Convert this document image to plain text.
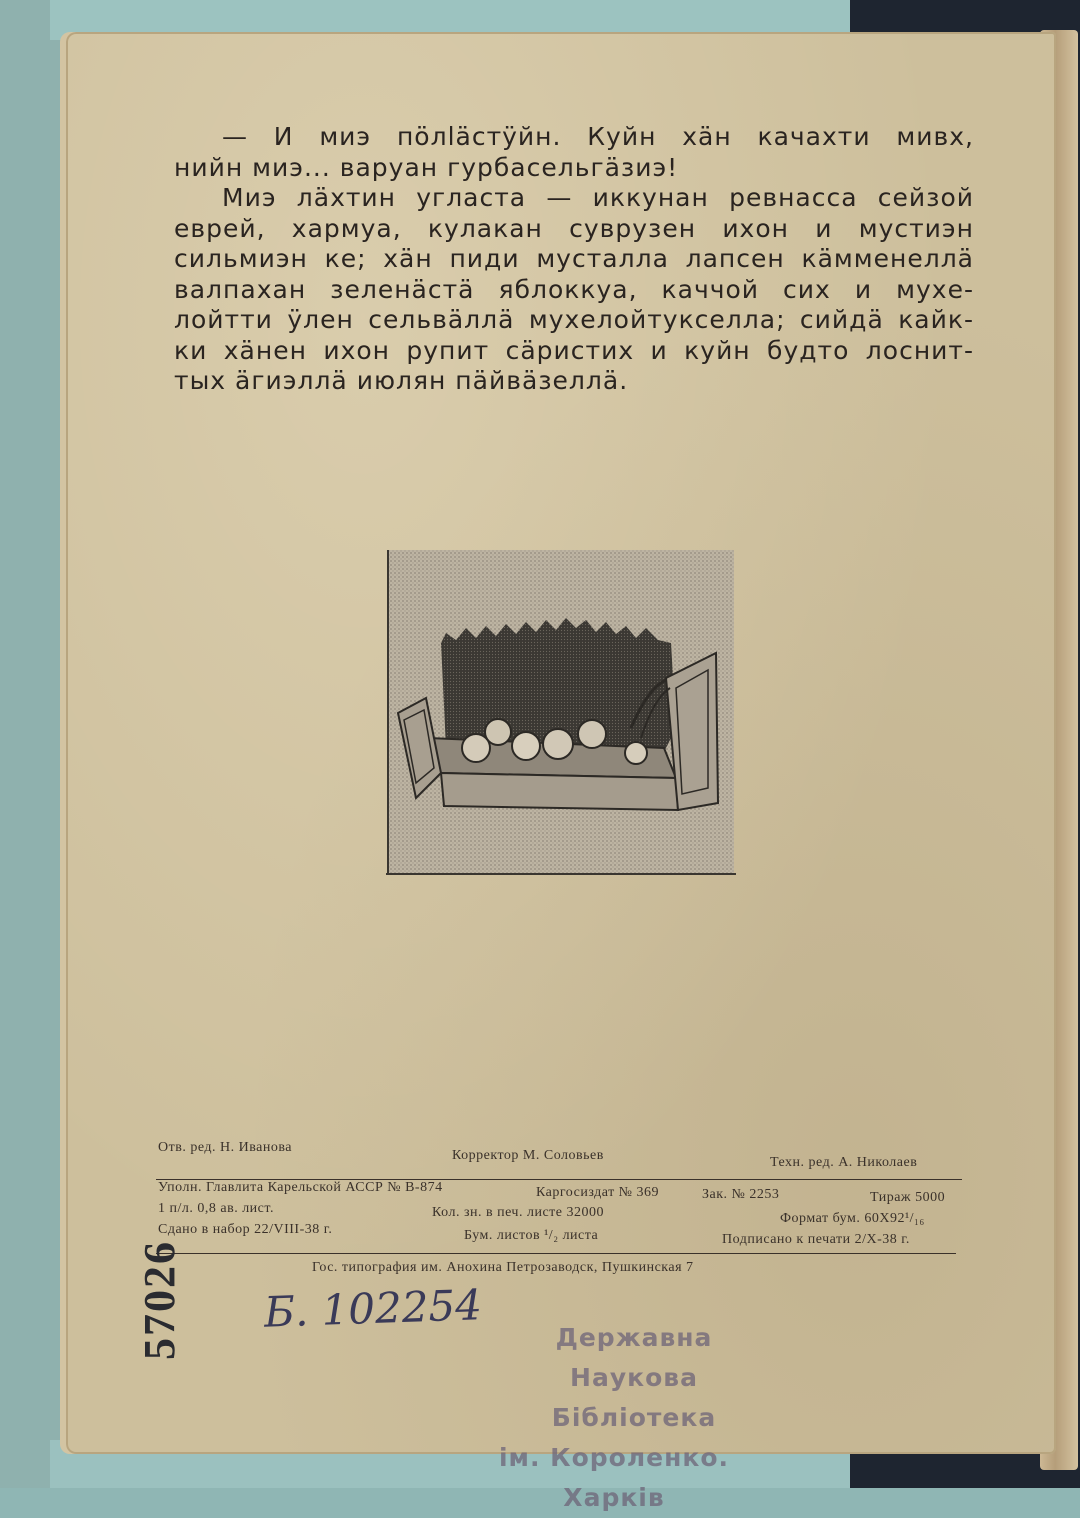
— И миэ пöлläстÿйн. Куйн хäн качахти мивх,

нийн миэ... варуан гурбасельгäзиэ!

Миэ лäхтин угласта — иккунан ревнасса сейзой

еврей, хармуа, кулакан суврузен ихон и мустиэн
сильмиэн ке; хäн пиди мусталла лапсен кäмменеллä
валпахан зеленäстä яблоккуа, каччой сих и мухе-
лойтти ÿлен сельвäллä мухелойтукселла; сийдä кайк-
ки хäнен ихон рупит сäристих и куйн будто лоснит-
тых äгиэллä июлян пäйвäзеллä.
Отв. ред. Н. Иванова
Корректор М. Соловьев	Техн. ред. А. Николаев
Уполн. Главлита Карельской АССР № В-874	Каргосиздат № 369	Зак. № 2253	Тираж 5000
1 п/л. 0,8 ав. лист.	Кол. зн. в печ. листе 32000	Формат бум. 60Х92¹/₁₆
Сдано в набор 22/VIII-38 г.	Бум. листов ¹/₂ листа	Подписано к печати 2/X-38 г.
Гос. типография им. Анохина Петрозаводск, Пушкинская 7
57026 Б. 102254
Державна
Наукова Бібліотека
ім. Короленко. Харків
